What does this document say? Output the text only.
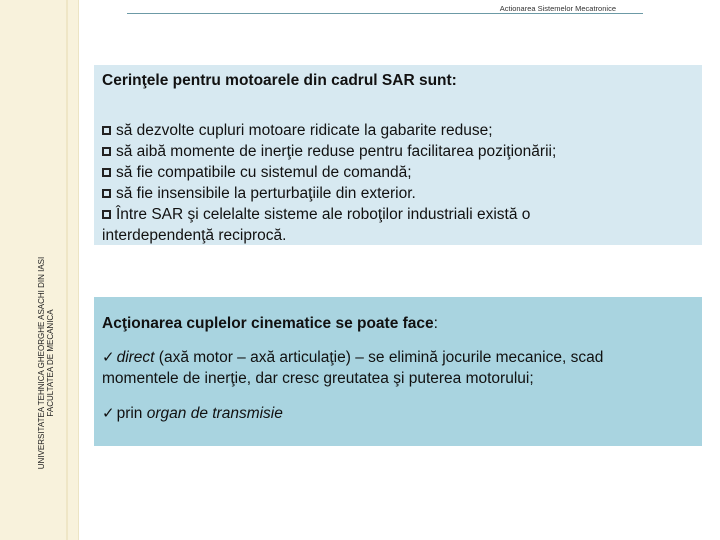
UNIVERSITATEA TEHNICA GHEORGHE ASACHI DIN IASI FACULTATEA DE MECANICA
Actionarea Sistemelor Mecatronice
Cerinţele pentru motoarele din cadrul SAR sunt:
să dezvolte cupluri motoare ridicate la gabarite reduse;
să aibă momente de inerţie reduse pentru facilitarea poziţionării;
să fie compatibile cu sistemul de comandă;
să fie insensibile la perturbaţiile din exterior.
Între SAR şi celelalte sisteme ale roboţilor industriali există o
interdependenţă reciprocă.
Acţionarea cuplelor cinematice se poate face:
✓ direct (axă motor – axă articulaţie) – se elimină jocurile mecanice, scad
momentele de inerţie, dar cresc greutatea şi puterea motorului;
✓ prin organ de transmisie
